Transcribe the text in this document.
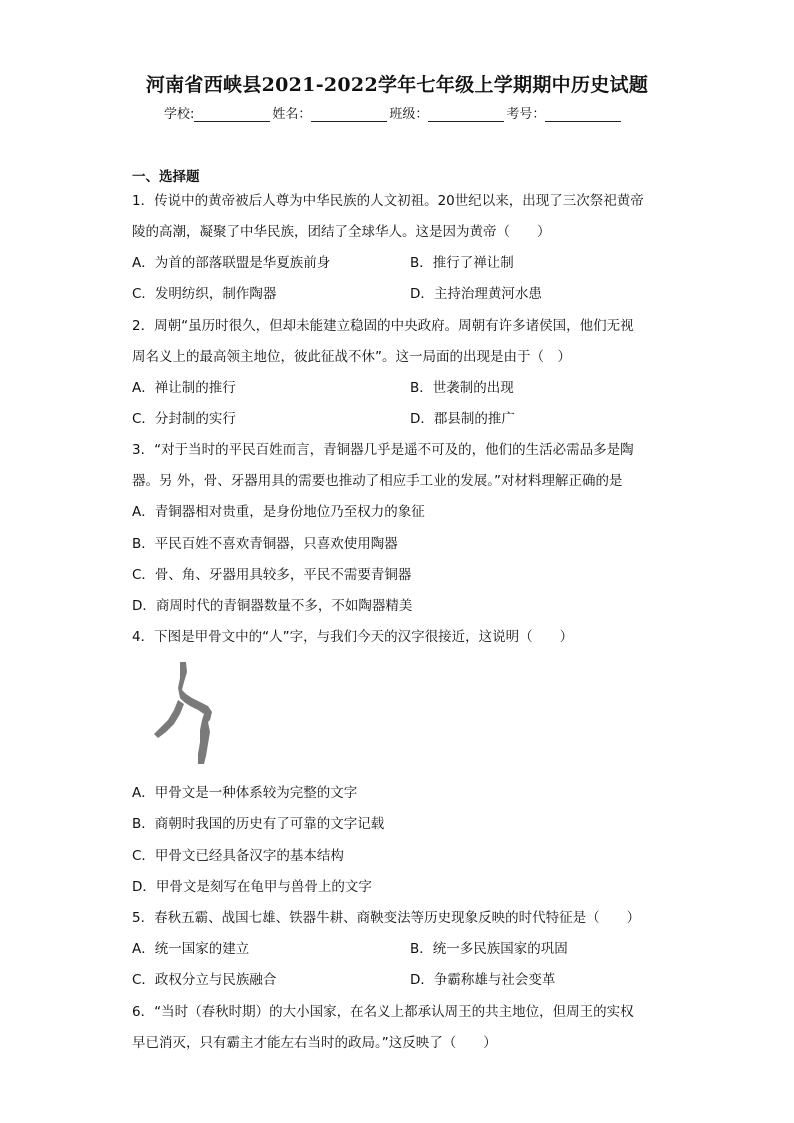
河南省西峡县2021-2022学年七年级上学期期中历史试题
学校:	姓名：	班级：	考号：
一、选择题
1．传说中的黄帝被后人尊为中华民族的人文初祖。20世纪以来，出现了三次祭祀黄帝
陵的高潮，凝聚了中华民族，团结了全球华人。这是因为黄帝（　　）
A．为首的部落联盟是华夏族前身	B．推行了禅让制
C．发明纺织，制作陶器	D．主持治理黄河水患
2．周朝“虽历时很久，但却未能建立稳固的中央政府。周朝有许多诸侯国，他们无视
周名义上的最高领主地位，彼此征战不休”。这一局面的出现是由于（　）
A．禅让制的推行	B．世袭制的出现
C．分封制的实行	D．郡县制的推广
3．“对于当时的平民百姓而言，青铜器几乎是遥不可及的，他们的生活必需品多是陶
器。另 外，骨、牙器用具的需要也推动了相应手工业的发展。”对材料理解正确的是
A．青铜器相对贵重，是身份地位乃至权力的象征
B．平民百姓不喜欢青铜器，只喜欢使用陶器
C．骨、角、牙器用具较多，平民不需要青铜器
D．商周时代的青铜器数量不多，不如陶器精美
4．下图是甲骨文中的“人”字，与我们今天的汉字很接近，这说明（　　）
A．甲骨文是一种体系较为完整的文字
B．商朝时我国的历史有了可靠的文字记载
C．甲骨文已经具备汉字的基本结构
D．甲骨文是刻写在龟甲与兽骨上的文字
5．春秋五霸、战国七雄、铁器牛耕、商鞅变法等历史现象反映的时代特征是（　　）
A．统一国家的建立	B．统一多民族国家的巩固
C．政权分立与民族融合	D．争霸称雄与社会变革
6．“当时（春秋时期）的大小国家，在名义上都承认周王的共主地位，但周王的实权
早已消灭，只有霸主才能左右当时的政局。”这反映了（　　）
